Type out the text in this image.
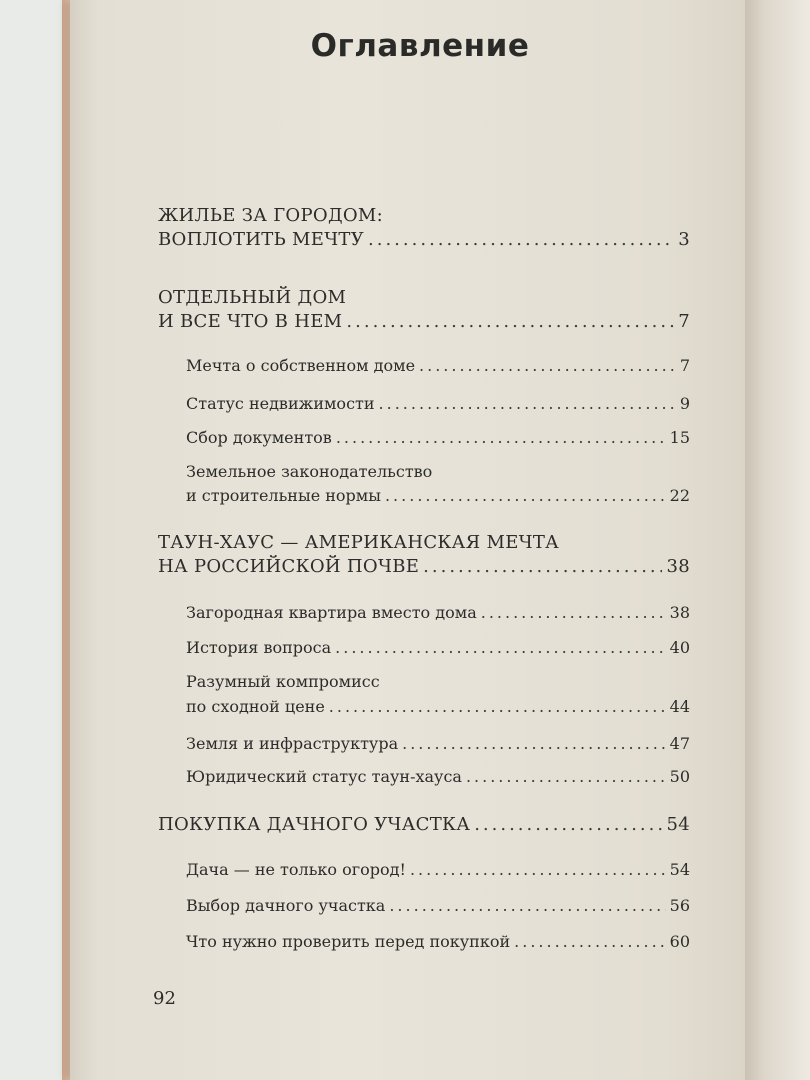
Оглавление
ЖИЛЬЕ ЗА ГОРОДОМ:
ВОПЛОТИТЬ МЕЧТУ .....	3
ОТДЕЛЬНЫЙ ДОМ
И ВСЕ ЧТО В НЕМ .....	7
Мечта о собственном доме .....	7
Статус недвижимости .....	9
Сбор документов .....	15
Земельное законодательство
и строительные нормы .....	22
ТАУН-ХАУС — АМЕРИКАНСКАЯ МЕЧТА
НА РОССИЙСКОЙ ПОЧВЕ .....	38
Загородная квартира вместо дома .....	38
История вопроса .....	40
Разумный компромисс
по сходной цене .....	44
Земля и инфраструктура .....	47
Юридический статус таун-хауса .....	50
ПОКУПКА ДАЧНОГО УЧАСТКА .....	54
Дача — не только огород! .....	54
Выбор дачного участка .....	56
Что нужно проверить перед покупкой .....	60
92
